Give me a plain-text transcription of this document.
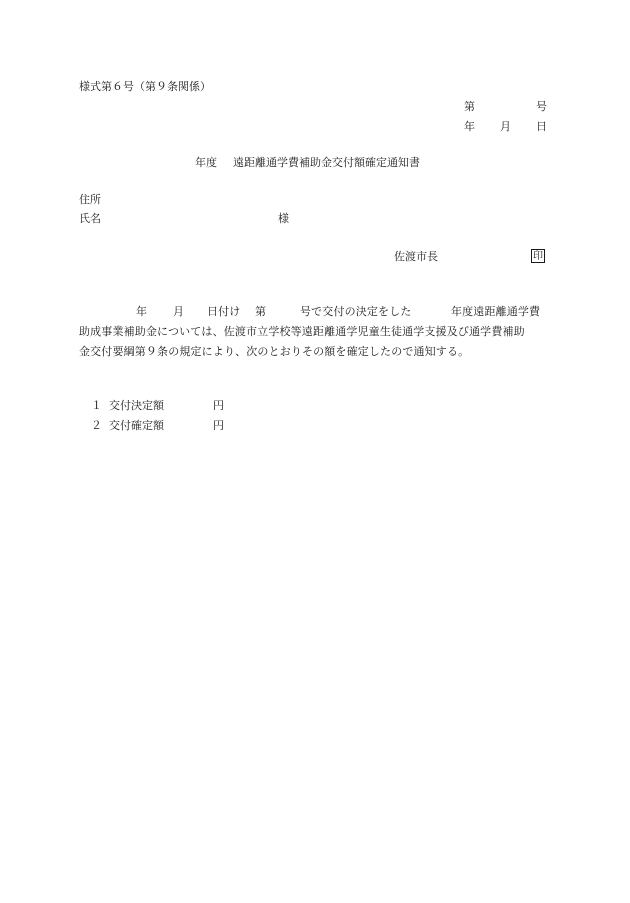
様式第６号（第９条関係）
第	号
年 月 日
年度 遠距離通学費補助金交付額確定通知書
住所
氏名	様
佐渡市長	印
年 月 日付け 第	号で交付の決定をした	年度遠距離通学費
助成事業補助金については、佐渡市立学校等遠距離通学児童生徒通学支援及び通学費補助
金交付要綱第９条の規定により、次のとおりその額を確定したので通知する。
１ 交付決定額	円
２ 交付確定額	円
